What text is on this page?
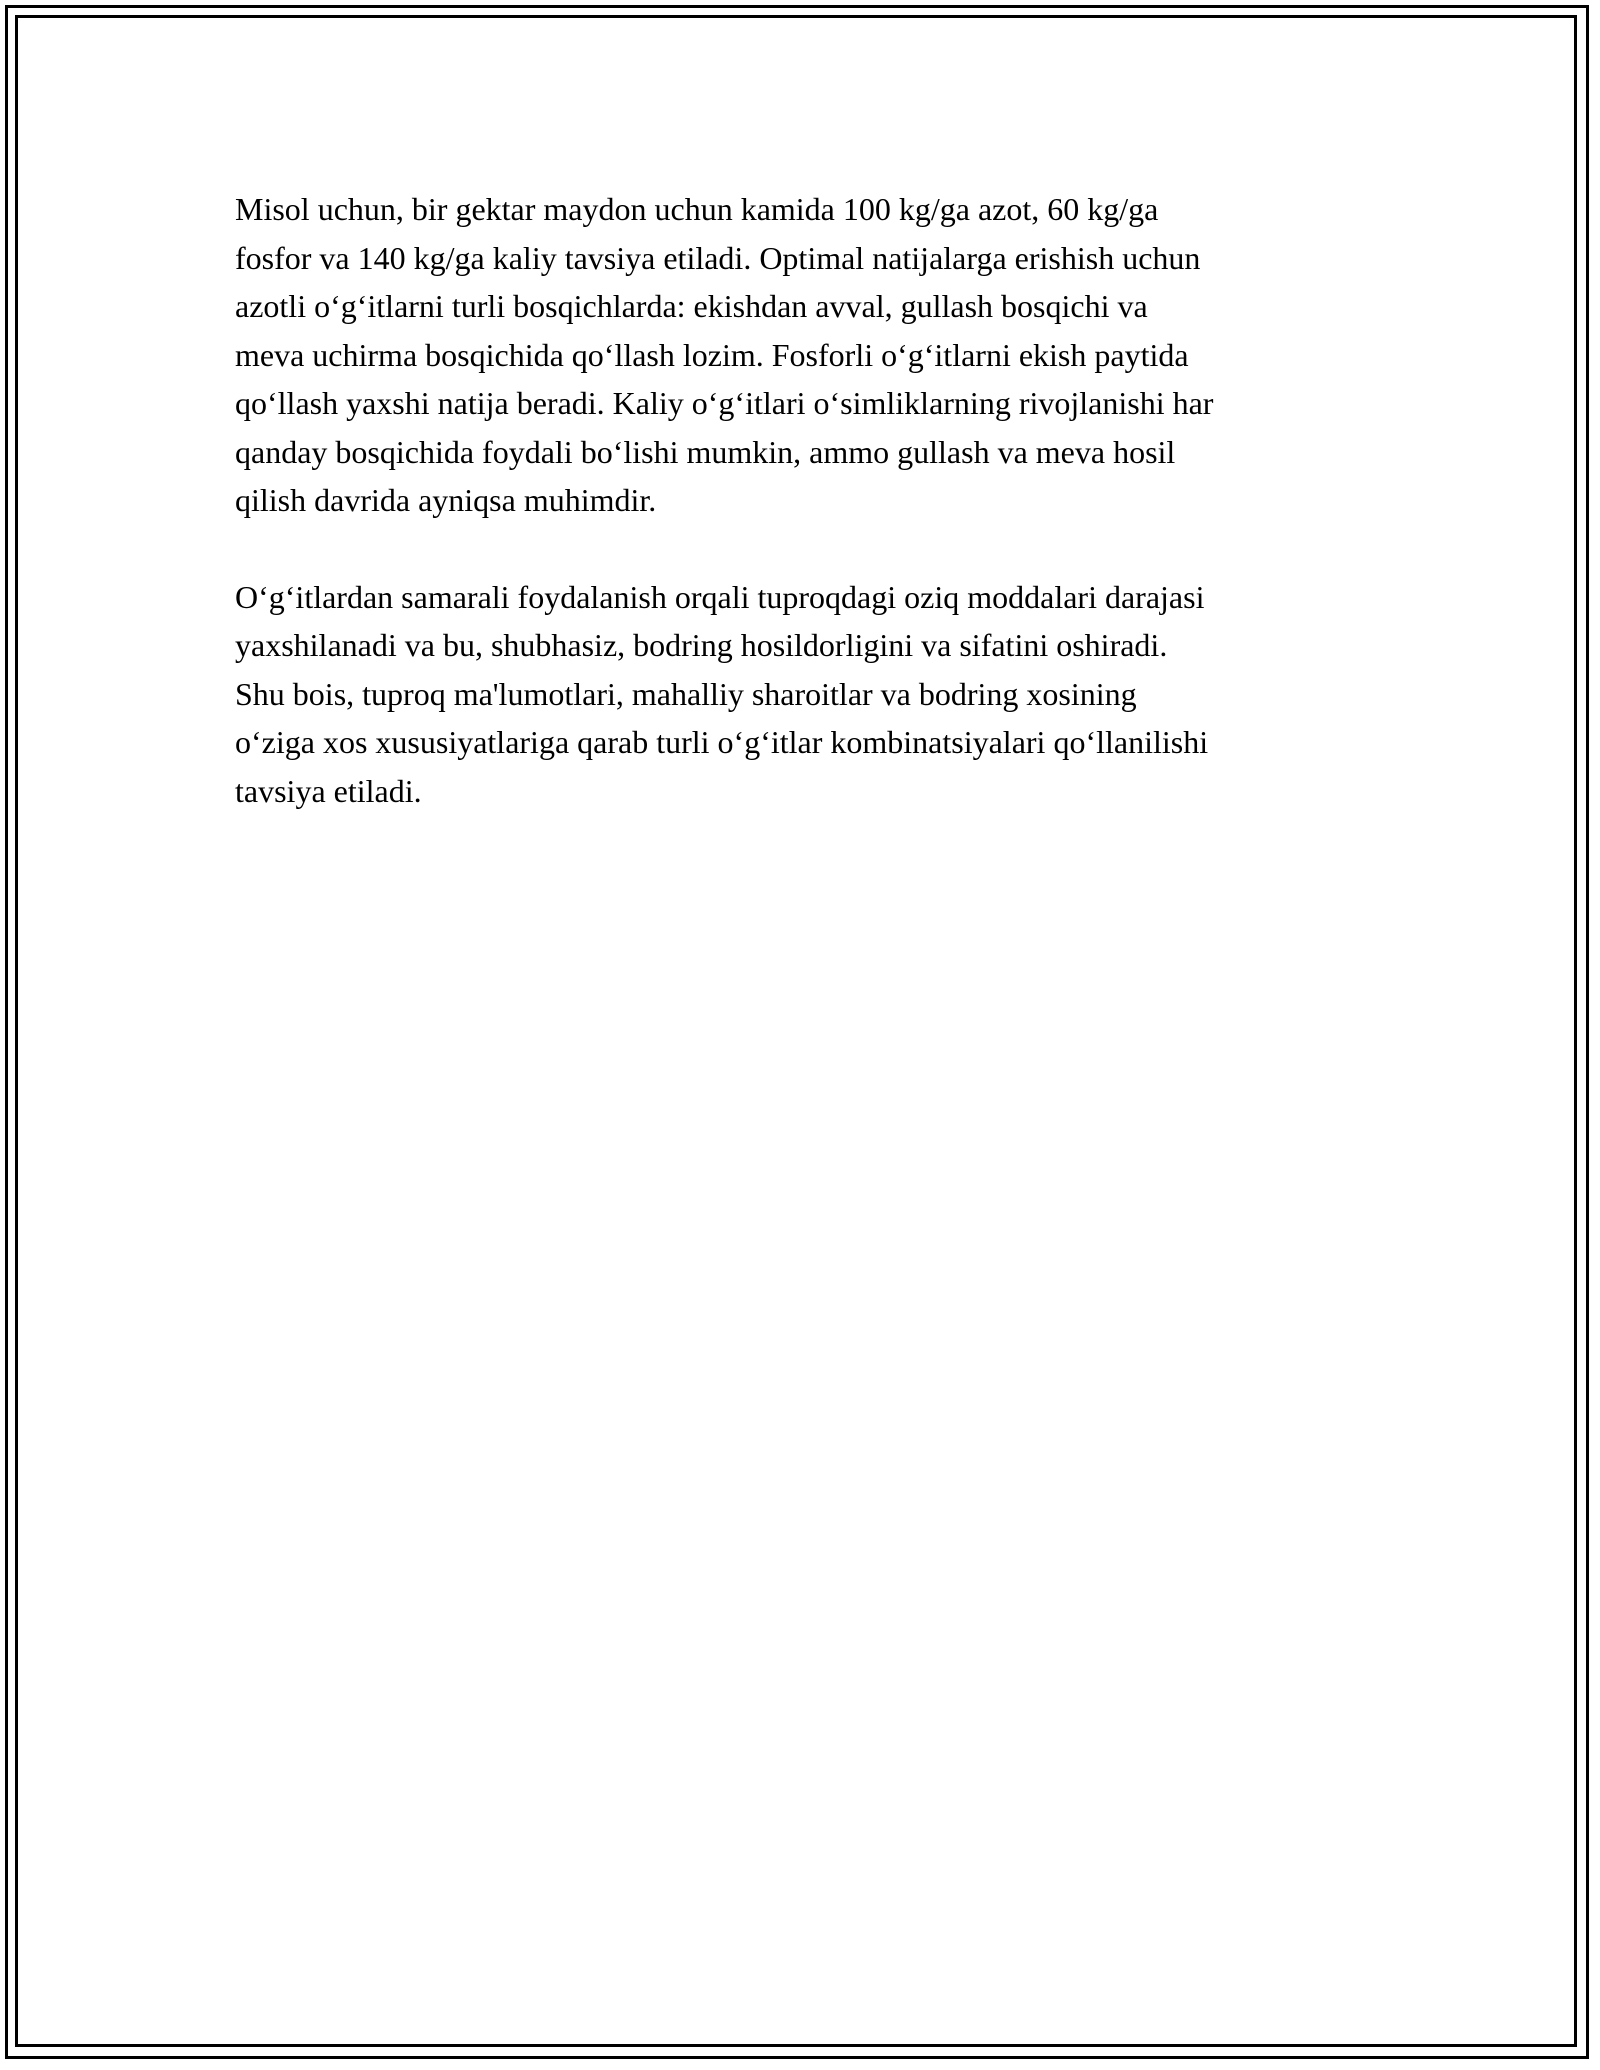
Misol uchun, bir gektar maydon uchun kamida 100 kg/ga azot, 60 kg/ga
fosfor va 140 kg/ga kaliy tavsiya etiladi. Optimal natijalarga erishish uchun
azotli o‘g‘itlarni turli bosqichlarda: ekishdan avval, gullash bosqichi va
meva uchirma bosqichida qo‘llash lozim. Fosforli o‘g‘itlarni ekish paytida
qo‘llash yaxshi natija beradi. Kaliy o‘g‘itlari o‘simliklarning rivojlanishi har
qanday bosqichida foydali bo‘lishi mumkin, ammo gullash va meva hosil
qilish davrida ayniqsa muhimdir.

O‘g‘itlardan samarali foydalanish orqali tuproqdagi oziq moddalari darajasi
yaxshilanadi va bu, shubhasiz, bodring hosildorligini va sifatini oshiradi.
Shu bois, tuproq ma'lumotlari, mahalliy sharoitlar va bodring xosining
o‘ziga xos xususiyatlariga qarab turli o‘g‘itlar kombinatsiyalari qo‘llanilishi
tavsiya etiladi.
